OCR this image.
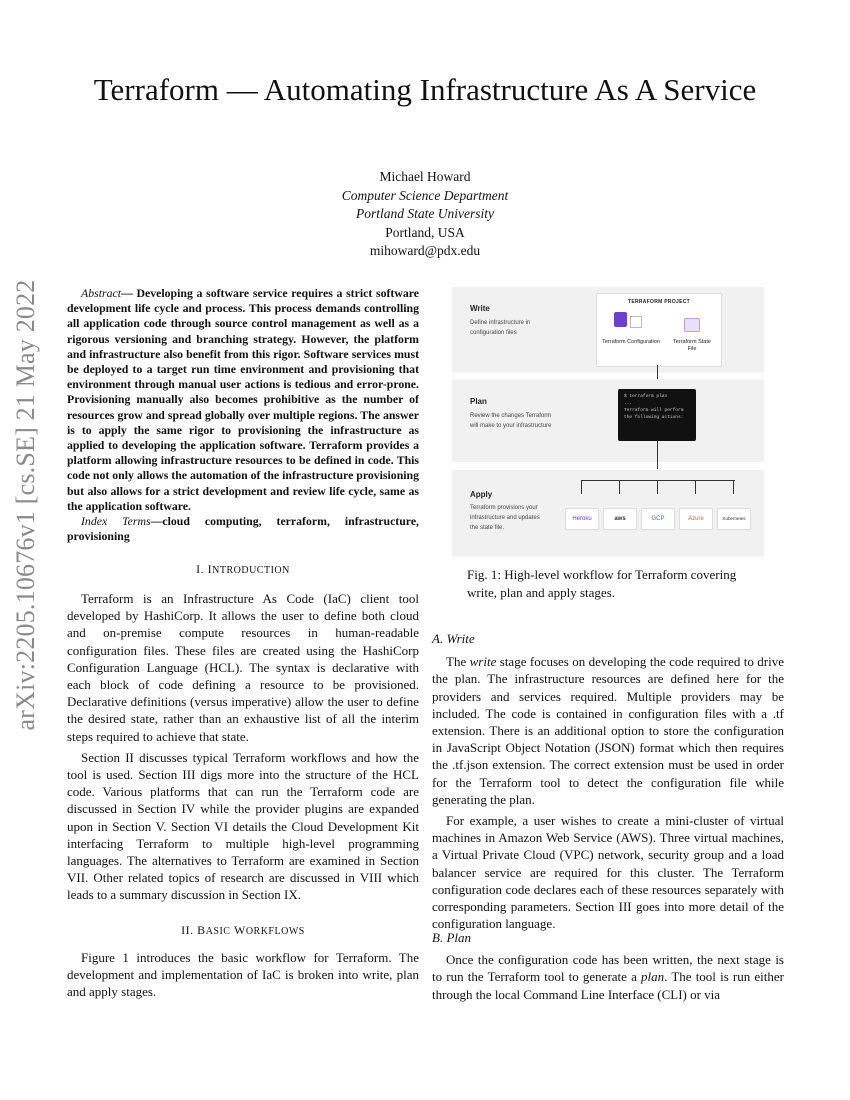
Terraform — Automating Infrastructure As A Service
Michael Howard
Computer Science Department
Portland State University
Portland, USA
mihoward@pdx.edu
arXiv:2205.10676v1 [cs.SE] 21 May 2022	Abstract— Developing a software service requires a strict software development life cycle and process. This process demands controlling all application code through source control management as well as a rigorous versioning and branching strategy. However, the platform and infrastructure also benefit from this rigor. Software services must be deployed to a target run time environment and provisioning that environment through manual user actions is tedious and error-prone. Provisioning manually also becomes prohibitive as the number of resources grow and spread globally over multiple regions. The answer is to apply the same rigor to provisioning the infrastructure as applied to developing the application software. Terraform provides a platform allowing infrastructure resources to be defined in code. This code not only allows the automation of the infrastructure provisioning but also allows for a strict development and review life cycle, same as the application software.

Index Terms—cloud computing, terraform, infrastructure, provisioning

I. INTRODUCTION

Terraform is an Infrastructure As Code (IaC) client tool developed by HashiCorp. It allows the user to define both cloud and on-premise compute resources in human-readable configuration files. These files are created using the HashiCorp Configuration Language (HCL). The syntax is declarative with each block of code defining a resource to be provisioned. Declarative definitions (versus imperative) allow the user to define the desired state, rather than an exhaustive list of all the interim steps required to achieve that state.

Section II discusses typical Terraform workflows and how the tool is used. Section III digs more into the structure of the HCL code. Various platforms that can run the Terraform code are discussed in Section IV while the provider plugins are expanded upon in Section V. Section VI details the Cloud Development Kit interfacing Terraform to multiple high-level programming languages. The alternatives to Terraform are examined in Section VII. Other related topics of research are discussed in VIII which leads to a summary discussion in Section IX.

II. BASIC WORKFLOWS

Figure 1 introduces the basic workflow for Terraform. The development and implementation of IaC is broken into write, plan and apply stages.

Write
Define infrastructure in configuration files
TERRAFORM PROJECT
Terraform Configuration	Terraform State File
Plan
Review the changes Terraform will make to your infrastructure
$ terraform plan
...
Terraform will perform
the following actions:
Apply
Terraform provisions your infrastructure and updates the state file.
Heroku	aws	GCP	Azure	Kubernetes
Fig. 1: High-level workflow for Terraform covering write, plan and apply stages.
A. Write

The write stage focuses on developing the code required to drive the plan. The infrastructure resources are defined here for the providers and services required. Multiple providers may be included. The code is contained in configuration files with a .tf extension. There is an additional option to store the configuration in JavaScript Object Notation (JSON) format which then requires the .tf.json extension. The correct extension must be used in order for the Terraform tool to detect the configuration file while generating the plan.

For example, a user wishes to create a mini-cluster of virtual machines in Amazon Web Service (AWS). Three virtual machines, a Virtual Private Cloud (VPC) network, security group and a load balancer service are required for this cluster. The Terraform configuration code declares each of these resources separately with corresponding parameters. Section III goes into more detail of the configuration language.

B. Plan

Once the configuration code has been written, the next stage is to run the Terraform tool to generate a plan. The tool is run either through the local Command Line Interface (CLI) or via
